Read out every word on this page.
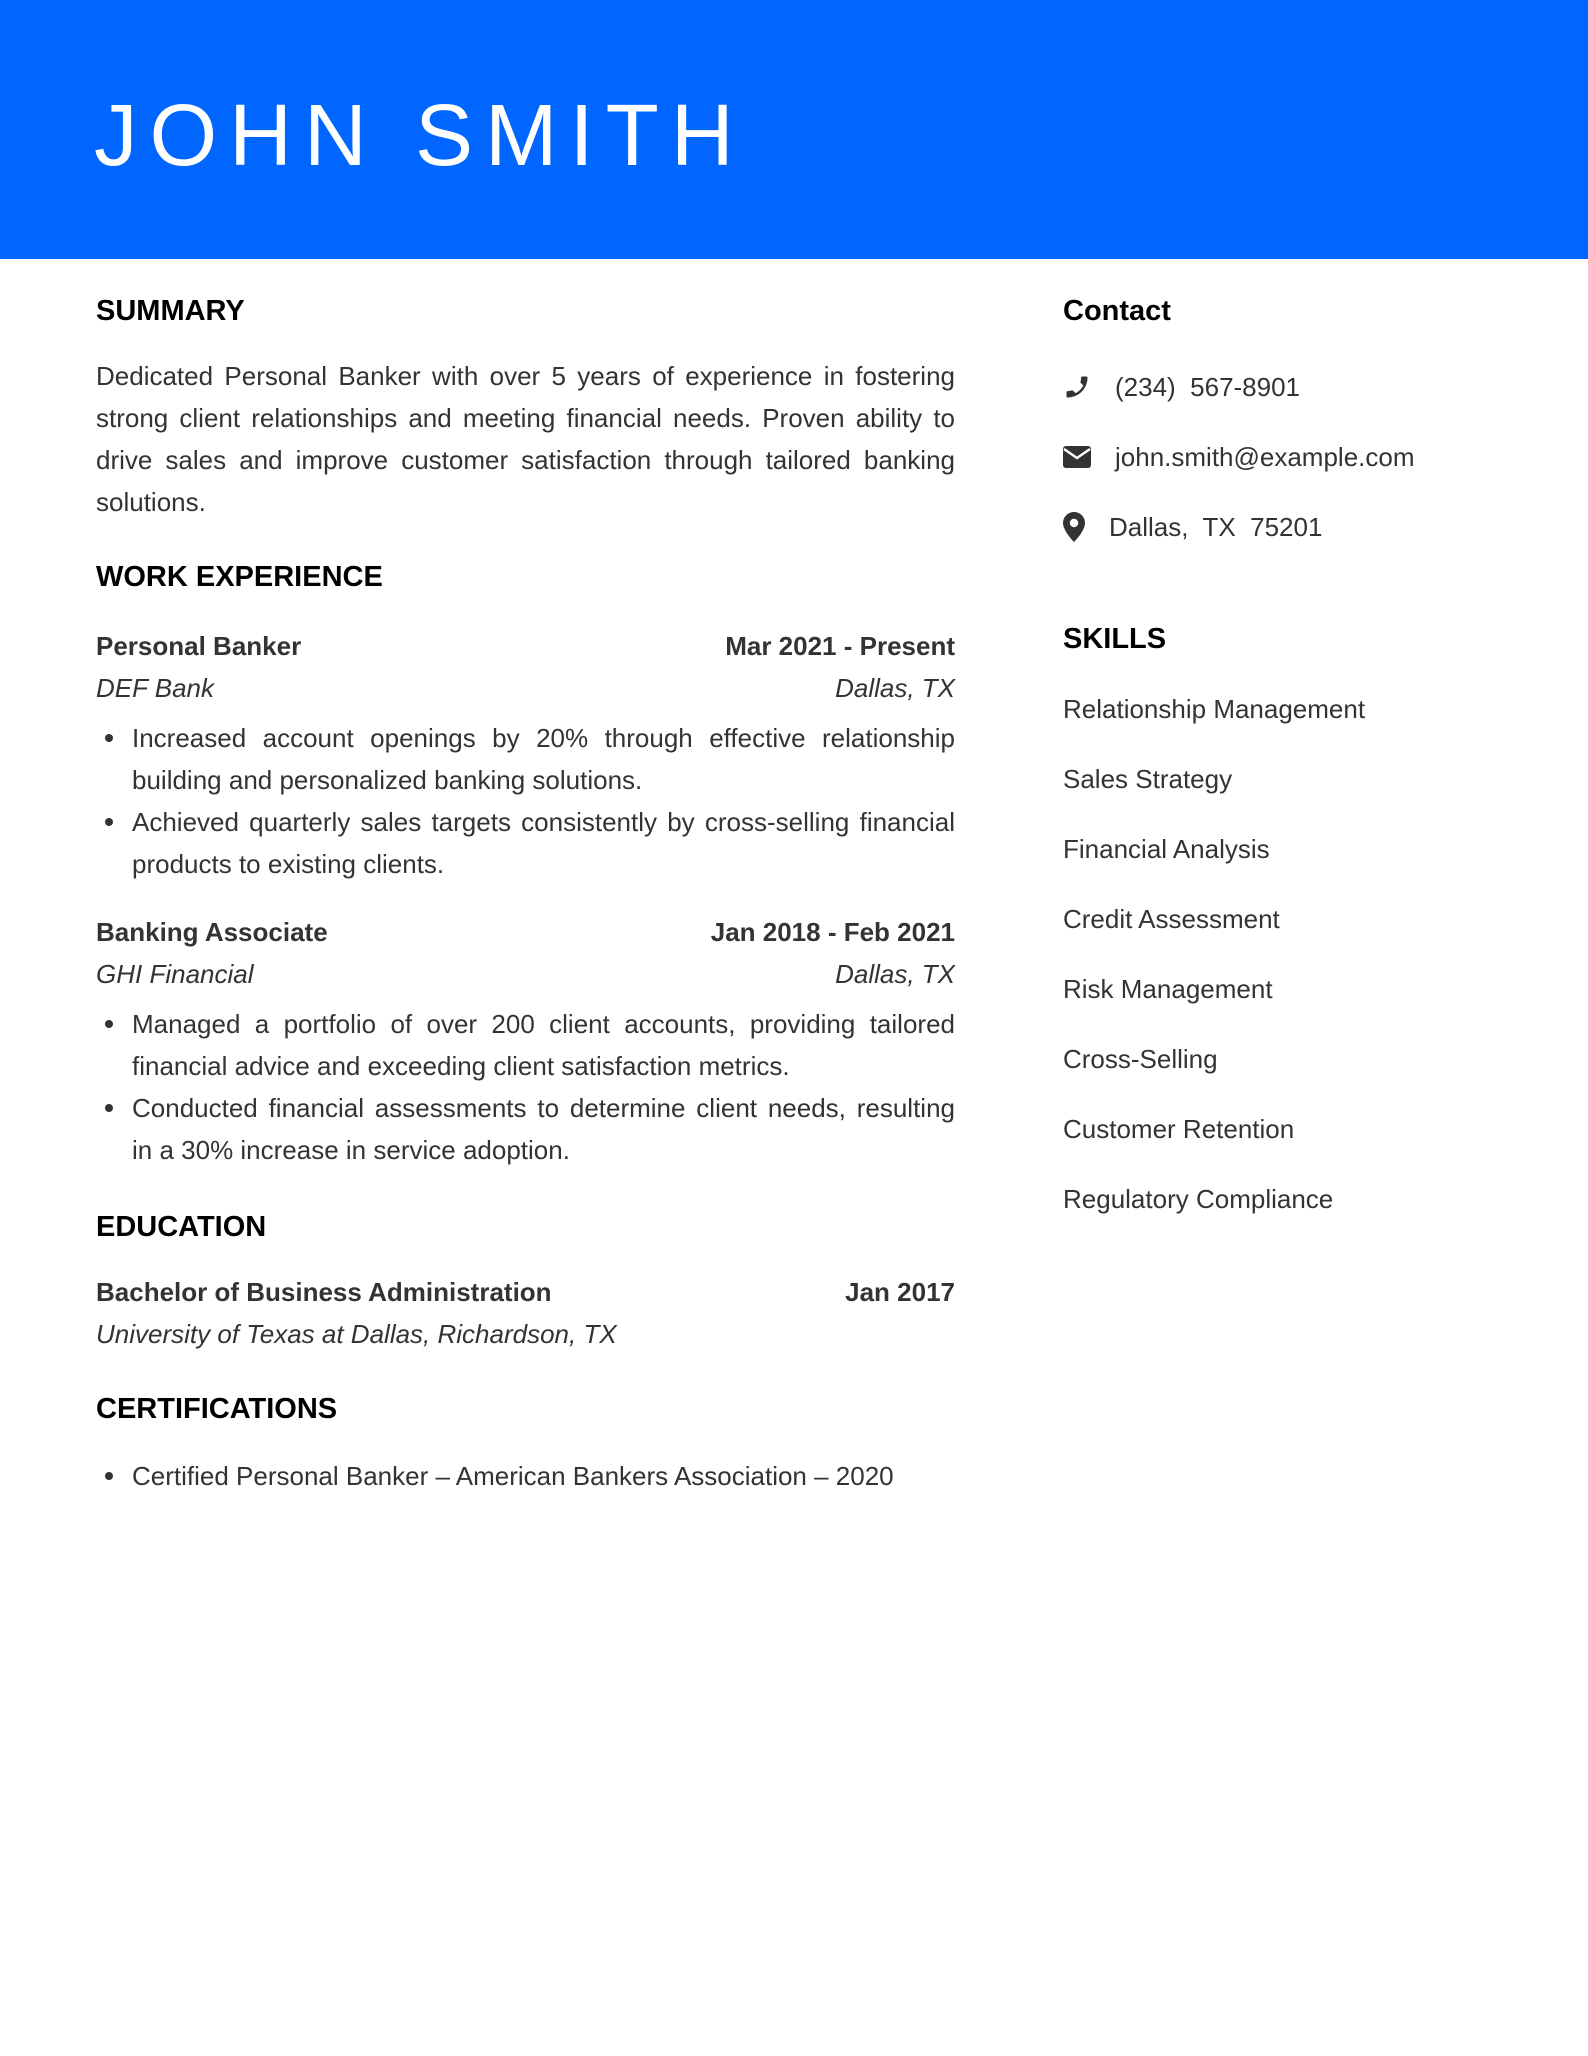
JOHN SMITH
SUMMARY
Dedicated Personal Banker with over 5 years of experience in fostering strong client relationships and meeting financial needs. Proven ability to drive sales and improve customer satisfaction through tailored banking solutions.
WORK EXPERIENCE
Personal Banker	Mar 2021 - Present
DEF Bank	Dallas, TX
Increased account openings by 20% through effective relationship building and personalized banking solutions.
Achieved quarterly sales targets consistently by cross-selling financial products to existing clients.
Banking Associate	Jan 2018 - Feb 2021
GHI Financial	Dallas, TX
Managed a portfolio of over 200 client accounts, providing tailored financial advice and exceeding client satisfaction metrics.
Conducted financial assessments to determine client needs, resulting in a 30% increase in service adoption.
EDUCATION
Bachelor of Business Administration	Jan 2017
University of Texas at Dallas, Richardson, TX
CERTIFICATIONS
Certified Personal Banker – American Bankers Association – 2020
Contact
(234)  567-8901
john.smith@example.com
Dallas,  TX  75201
SKILLS
Relationship Management
Sales Strategy
Financial Analysis
Credit Assessment
Risk Management
Cross-Selling
Customer Retention
Regulatory Compliance
